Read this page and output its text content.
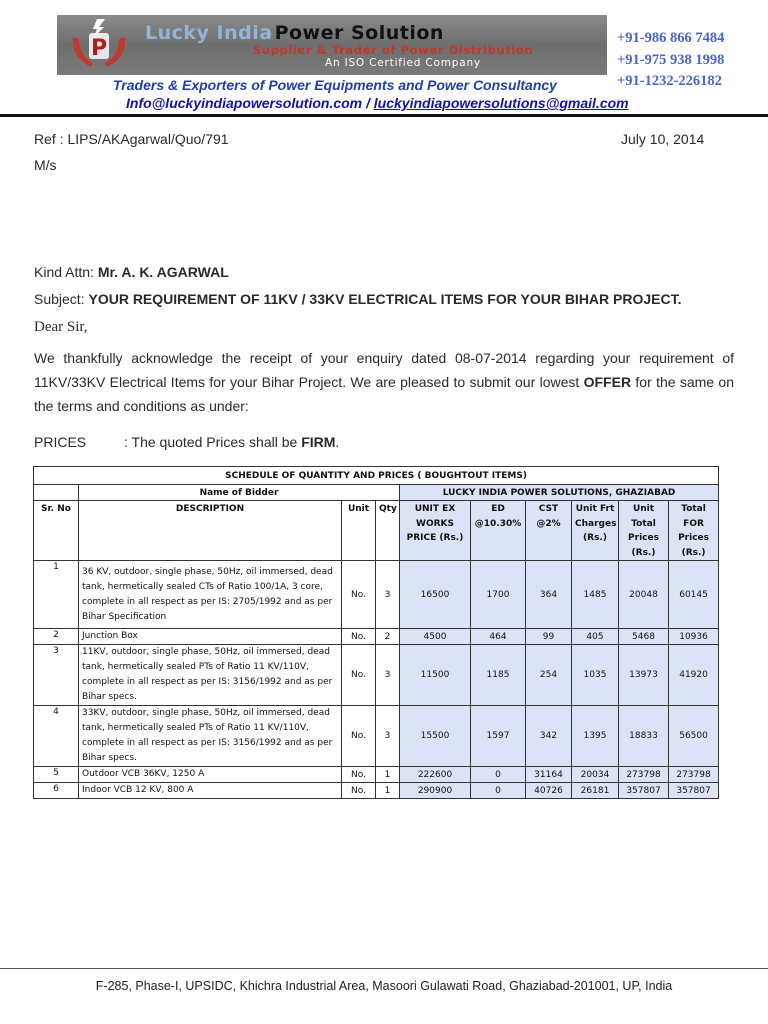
P
Lucky India Power Solution
Supplier & Trader of Power Distribution
An ISO Certified Company
+91-986 866 7484
+91-975 938 1998
+91-1232-226182
Traders & Exporters of Power Equipments and Power Consultancy
Info@luckyindiapowersolution.com / luckyindiapowersolutions@gmail.com
Ref : LIPS/AKAgarwal/Quo/791	July 10, 2014
M/s
Kind Attn: Mr. A. K. AGARWAL
Subject: YOUR REQUIREMENT OF 11KV / 33KV ELECTRICAL ITEMS FOR YOUR BIHAR PROJECT.
Dear Sir,
We thankfully acknowledge the receipt of your enquiry dated 08-07-2014 regarding your requirement of
11KV/33KV Electrical Items for your Bihar Project. We are pleased to submit our lowest OFFER for the same on
the terms and conditions as under:
PRICES	: The quoted Prices shall be FIRM.
SCHEDULE OF QUANTITY AND PRICES ( BOUGHTOUT ITEMS)									
	Name of Bidder			LUCKY INDIA POWER SOLUTIONS, GHAZIABAD					
Sr. No	DESCRIPTION	Unit	Qty	UNIT EX WORKS PRICE (Rs.)	ED @10.30%	CST @2%	Unit Frt Charges (Rs.)	Unit Total Prices (Rs.)	Total FOR Prices (Rs.)
1	36 KV, outdoor, single phase, 50Hz, oil immersed, dead tank, hermetically sealed CTs of Ratio 100/1A, 3 core, complete in all respect as per IS: 2705/1992 and as per Bihar Specification	No.	3	16500	1700	364	1485	20048	60145
2	Junction Box	No.	2	4500	464	99	405	5468	10936
3	11KV, outdoor, single phase, 50Hz, oil immersed, dead tank, hermetically sealed PTs of Ratio 11 KV/110V, complete in all respect as per IS: 3156/1992 and as per Bihar specs.	No.	3	11500	1185	254	1035	13973	41920
4	33KV, outdoor, single phase, 50Hz, oil immersed, dead tank, hermetically sealed PTs of Ratio 11 KV/110V, complete in all respect as per IS: 3156/1992 and as per Bihar specs.	No.	3	15500	1597	342	1395	18833	56500
5	Outdoor VCB 36KV, 1250 A	No.	1	222600	0	31164	20034	273798	273798
6	Indoor VCB 12 KV, 800 A	No.	1	290900	0	40726	26181	357807	357807
F-285, Phase-I, UPSIDC, Khichra Industrial Area, Masoori Gulawati Road, Ghaziabad-201001, UP, India
